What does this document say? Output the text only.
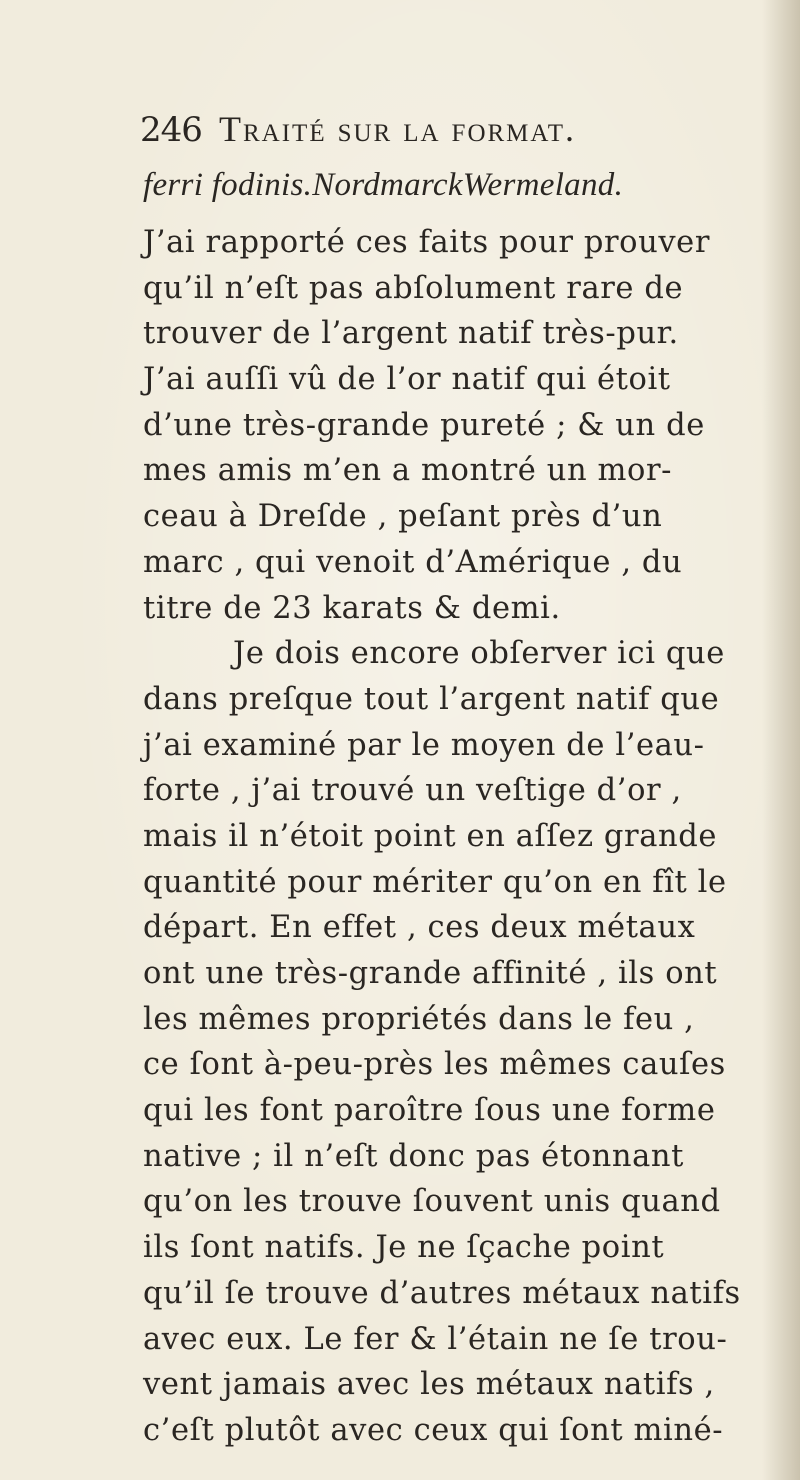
246 Traité sur la format.
ferri fodinis.NordmarckWermeland.
J’ai rapporté ces faits pour prouver
qu’il n’eſt pas abſolument rare de
trouver de l’argent natif très-pur.
J’ai auſſi vû de l’or natif qui étoit
d’une très-grande pureté ; & un de
mes amis m’en a montré un mor-
ceau à Dreſde , peſant près d’un
marc , qui venoit d’Amérique , du
titre de 23 karats & demi.
Je dois encore obſerver ici que
dans preſque tout l’argent natif que
j’ai examiné par le moyen de l’eau-
forte , j’ai trouvé un veſtige d’or ,
mais il n’étoit point en aſſez grande
quantité pour mériter qu’on en fît le
départ. En effet , ces deux métaux
ont une très-grande affinité , ils ont
les mêmes propriétés dans le feu ,
ce ſont à-peu-près les mêmes cauſes
qui les font paroître ſous une forme
native ; il n’eſt donc pas étonnant
qu’on les trouve ſouvent unis quand
ils ſont natifs. Je ne ſçache point
qu’il ſe trouve d’autres métaux natifs
avec eux. Le fer & l’étain ne ſe trou-
vent jamais avec les métaux natifs ,
c’eſt plutôt avec ceux qui ſont miné-
